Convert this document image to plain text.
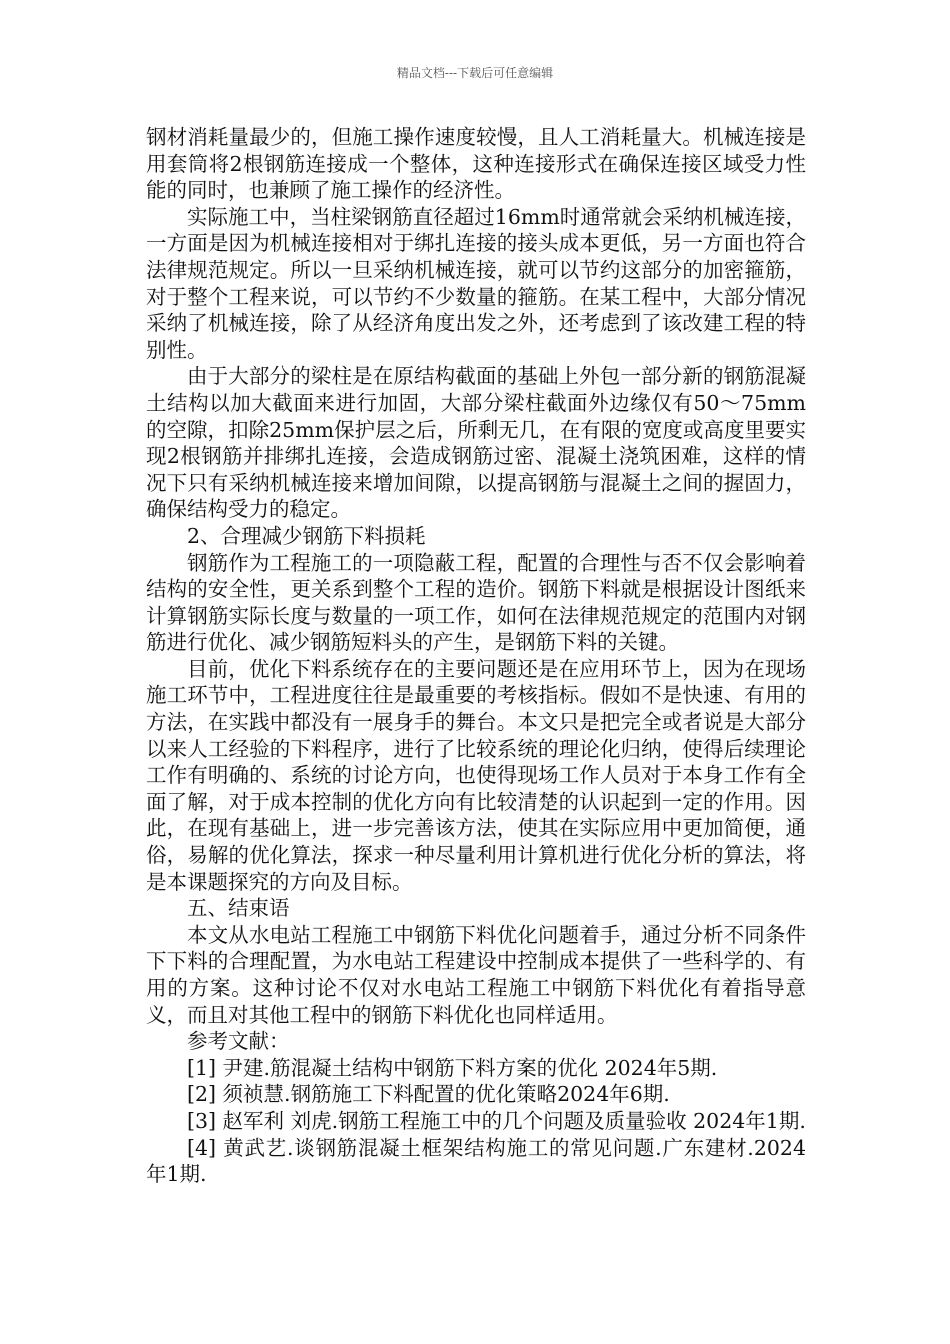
精品文档---下载后可任意编辑

钢材消耗量最少的，但施工操作速度较慢，且人工消耗量大。机械连接是用套筒将2根钢筋连接成一个整体，这种连接形式在确保连接区域受力性能的同时，也兼顾了施工操作的经济性。

实际施工中，当柱梁钢筋直径超过16mm时通常就会采纳机械连接，一方面是因为机械连接相对于绑扎连接的接头成本更低，另一方面也符合法律规范规定。所以一旦采纳机械连接，就可以节约这部分的加密箍筋，对于整个工程来说，可以节约不少数量的箍筋。在某工程中，大部分情况采纳了机械连接，除了从经济角度出发之外，还考虑到了该改建工程的特别性。

由于大部分的梁柱是在原结构截面的基础上外包一部分新的钢筋混凝土结构以加大截面来进行加固，大部分梁柱截面外边缘仅有50～75mm的空隙，扣除25mm保护层之后，所剩无几，在有限的宽度或高度里要实现2根钢筋并排绑扎连接，会造成钢筋过密、混凝土浇筑困难，这样的情况下只有采纳机械连接来增加间隙，以提高钢筋与混凝土之间的握固力，确保结构受力的稳定。

2、合理减少钢筋下料损耗

钢筋作为工程施工的一项隐蔽工程，配置的合理性与否不仅会影响着结构的安全性，更关系到整个工程的造价。钢筋下料就是根据设计图纸来计算钢筋实际长度与数量的一项工作，如何在法律规范规定的范围内对钢筋进行优化、减少钢筋短料头的产生，是钢筋下料的关键。

目前，优化下料系统存在的主要问题还是在应用环节上，因为在现场施工环节中，工程进度往往是最重要的考核指标。假如不是快速、有用的方法，在实践中都没有一展身手的舞台。本文只是把完全或者说是大部分以来人工经验的下料程序，进行了比较系统的理论化归纳，使得后续理论工作有明确的、系统的讨论方向，也使得现场工作人员对于本身工作有全面了解，对于成本控制的优化方向有比较清楚的认识起到一定的作用。因此，在现有基础上，进一步完善该方法，使其在实际应用中更加简便，通俗，易解的优化算法，探求一种尽量利用计算机进行优化分析的算法，将是本课题探究的方向及目标。

五、结束语

本文从水电站工程施工中钢筋下料优化问题着手，通过分析不同条件下下料的合理配置，为水电站工程建设中控制成本提供了一些科学的、有用的方案。这种讨论不仅对水电站工程施工中钢筋下料优化有着指导意义，而且对其他工程中的钢筋下料优化也同样适用。

参考文献：

[1] 尹建.筋混凝土结构中钢筋下料方案的优化 2024年5期.

[2] 须祯慧.钢筋施工下料配置的优化策略2024年6期.

[3] 赵军利 刘虎.钢筋工程施工中的几个问题及质量验收 2024年1期.

[4] 黄武艺.谈钢筋混凝土框架结构施工的常见问题.广东建材.2024年1期.
